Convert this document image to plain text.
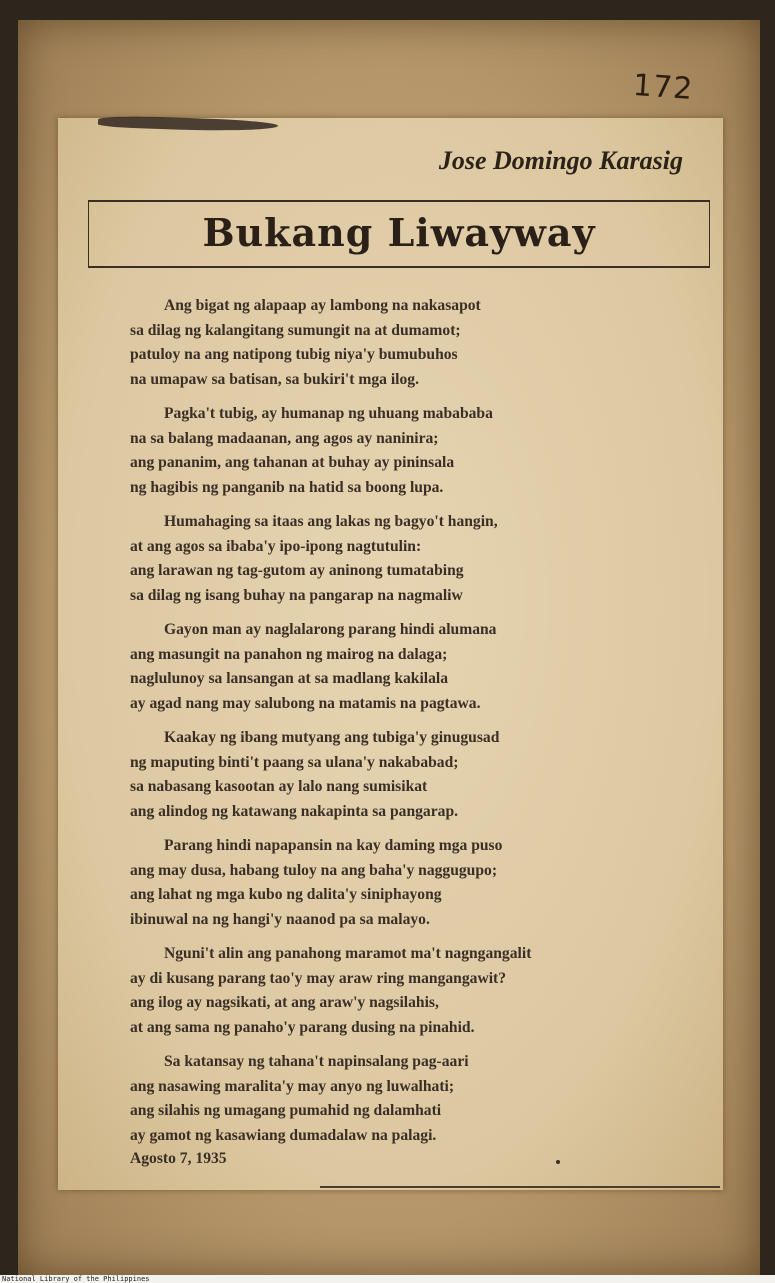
172
Jose Domingo Karasig
Bukang Liwayway
Ang bigat ng alapaap ay lambong na nakasapot
sa dilag ng kalangitang sumungit na at dumamot;
patuloy na ang natipong tubig niya'y bumubuhos
na umapaw sa batisan, sa bukiri't mga ilog.
Pagka't tubig, ay humanap ng uhuang mabababa
na sa balang madaanan, ang agos ay naninira;
ang pananim, ang tahanan at buhay ay pininsala
ng hagibis ng panganib na hatid sa boong lupa.
Humahaging sa itaas ang lakas ng bagyo't hangin,
at ang agos sa ibaba'y ipo-ipong nagtutulin:
ang larawan ng tag-gutom ay aninong tumatabing
sa dilag ng isang buhay na pangarap na nagmaliw
Gayon man ay naglalarong parang hindi alumana
ang masungit na panahon ng mairog na dalaga;
naglulunoy sa lansangan at sa madlang kakilala
ay agad nang may salubong na matamis na pagtawa.
Kaakay ng ibang mutyang ang tubiga'y ginugusad
ng maputing binti't paang sa ulana'y nakababad;
sa nabasang kasootan ay lalo nang sumisikat
ang alindog ng katawang nakapinta sa pangarap.
Parang hindi napapansin na kay daming mga puso
ang may dusa, habang tuloy na ang baha'y naggugupo;
ang lahat ng mga kubo ng dalita'y siniphayong
ibinuwal na ng hangi'y naanod pa sa malayo.
Nguni't alin ang panahong maramot ma't nagngangalit
ay di kusang parang tao'y may araw ring mangangawit?
ang ilog ay nagsikati, at ang araw'y nagsilahis,
at ang sama ng panaho'y parang dusing na pinahid.
Sa katansay ng tahana't napinsalang pag-aari
ang nasawing maralita'y may anyo ng luwalhati;
ang silahis ng umagang pumahid ng dalamhati
ay gamot ng kasawiang dumadalaw na palagi.
Agosto 7, 1935
National Library of the Philippines
